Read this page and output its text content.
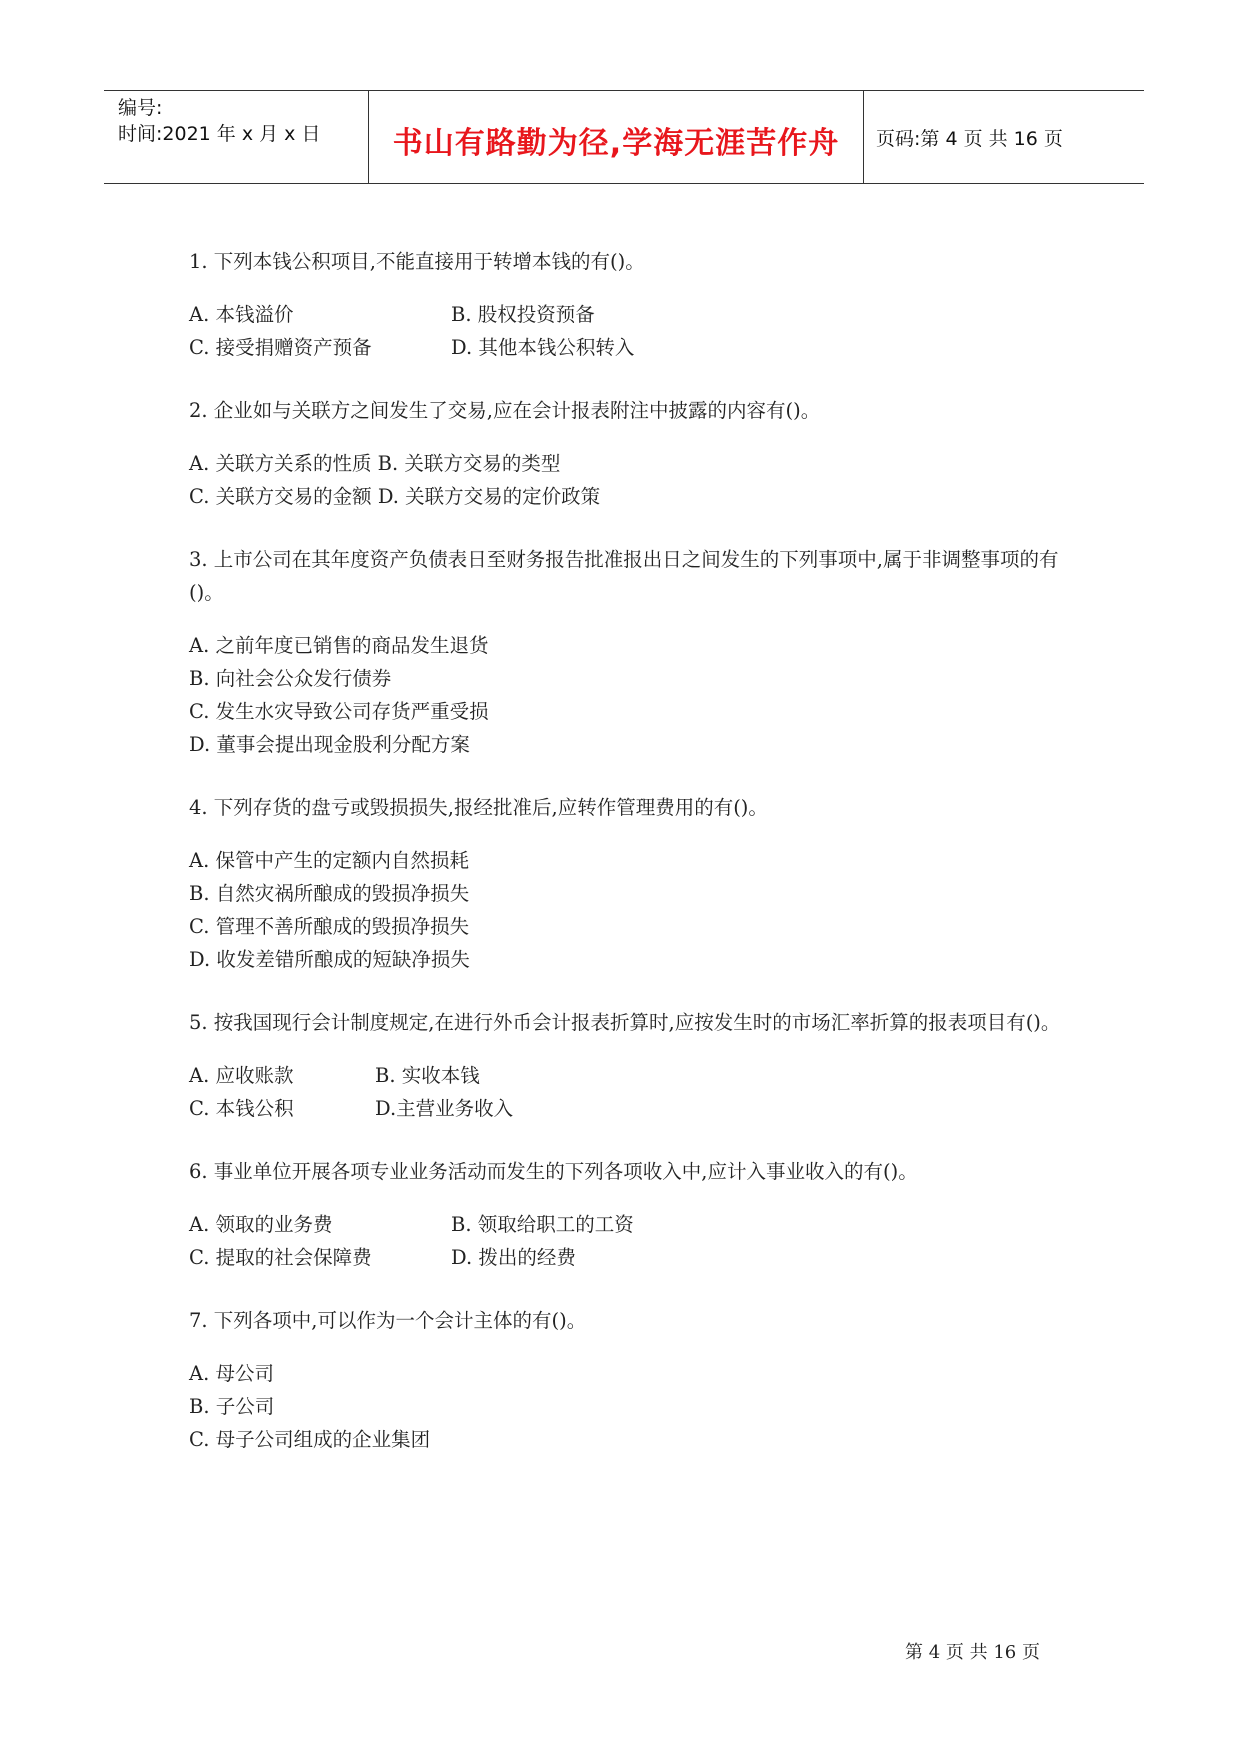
编号:
时间:2021 年 x 月 x 日	书山有路勤为径,学海无涯苦作舟	页码:第 4 页 共 16 页

1. 下列本钱公积项目,不能直接用于转增本钱的有()。

A. 本钱溢价	B. 股权投资预备
C. 接受捐赠资产预备	D. 其他本钱公积转入

2. 企业如与关联方之间发生了交易,应在会计报表附注中披露的内容有()。

A. 关联方关系的性质 B. 关联方交易的类型
C. 关联方交易的金额 D. 关联方交易的定价政策

3. 上市公司在其年度资产负债表日至财务报告批准报出日之间发生的下列事项中,属于非调整事项的有()。

A. 之前年度已销售的商品发生退货
B. 向社会公众发行债券
C. 发生水灾导致公司存货严重受损
D. 董事会提出现金股利分配方案

4. 下列存货的盘亏或毁损损失,报经批准后,应转作管理费用的有()。

A. 保管中产生的定额内自然损耗
B. 自然灾祸所酿成的毁损净损失
C. 管理不善所酿成的毁损净损失
D. 收发差错所酿成的短缺净损失

5. 按我国现行会计制度规定,在进行外币会计报表折算时,应按发生时的市场汇率折算的报表项目有()。

A. 应收账款	B. 实收本钱
C. 本钱公积	D.主营业务收入

6. 事业单位开展各项专业业务活动而发生的下列各项收入中,应计入事业收入的有()。

A. 领取的业务费	B. 领取给职工的工资
C. 提取的社会保障费	D. 拨出的经费

7. 下列各项中,可以作为一个会计主体的有()。

A. 母公司
B. 子公司
C. 母子公司组成的企业集团
第 4 页 共 16 页
